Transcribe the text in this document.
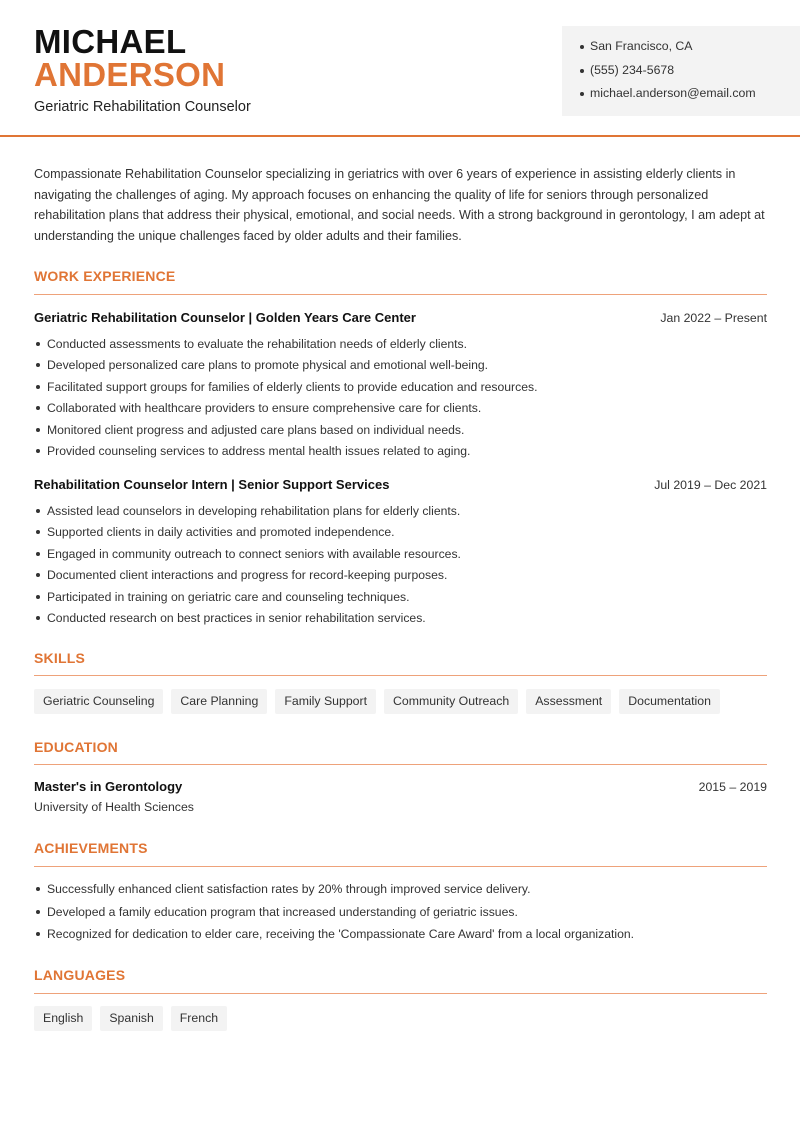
MICHAEL
ANDERSON
Geriatric Rehabilitation Counselor
San Francisco, CA
(555) 234-5678
michael.anderson@email.com

Compassionate Rehabilitation Counselor specializing in geriatrics with over 6 years of experience in assisting elderly clients in navigating the challenges of aging. My approach focuses on enhancing the quality of life for seniors through personalized rehabilitation plans that address their physical, emotional, and social needs. With a strong background in gerontology, I am adept at understanding the unique challenges faced by older adults and their families.

WORK EXPERIENCE
Geriatric Rehabilitation Counselor | Golden Years Care Center	Jan 2022 – Present
Conducted assessments to evaluate the rehabilitation needs of elderly clients.
Developed personalized care plans to promote physical and emotional well-being.
Facilitated support groups for families of elderly clients to provide education and resources.
Collaborated with healthcare providers to ensure comprehensive care for clients.
Monitored client progress and adjusted care plans based on individual needs.
Provided counseling services to address mental health issues related to aging.
Rehabilitation Counselor Intern | Senior Support Services	Jul 2019 – Dec 2021
Assisted lead counselors in developing rehabilitation plans for elderly clients.
Supported clients in daily activities and promoted independence.
Engaged in community outreach to connect seniors with available resources.
Documented client interactions and progress for record-keeping purposes.
Participated in training on geriatric care and counseling techniques.
Conducted research on best practices in senior rehabilitation services.
SKILLS
Geriatric Counseling	Care Planning	Family Support	Community Outreach	Assessment	Documentation
EDUCATION
Master's in Gerontology	2015 – 2019
University of Health Sciences
ACHIEVEMENTS
Successfully enhanced client satisfaction rates by 20% through improved service delivery.
Developed a family education program that increased understanding of geriatric issues.
Recognized for dedication to elder care, receiving the 'Compassionate Care Award' from a local organization.
LANGUAGES
English	Spanish	French
